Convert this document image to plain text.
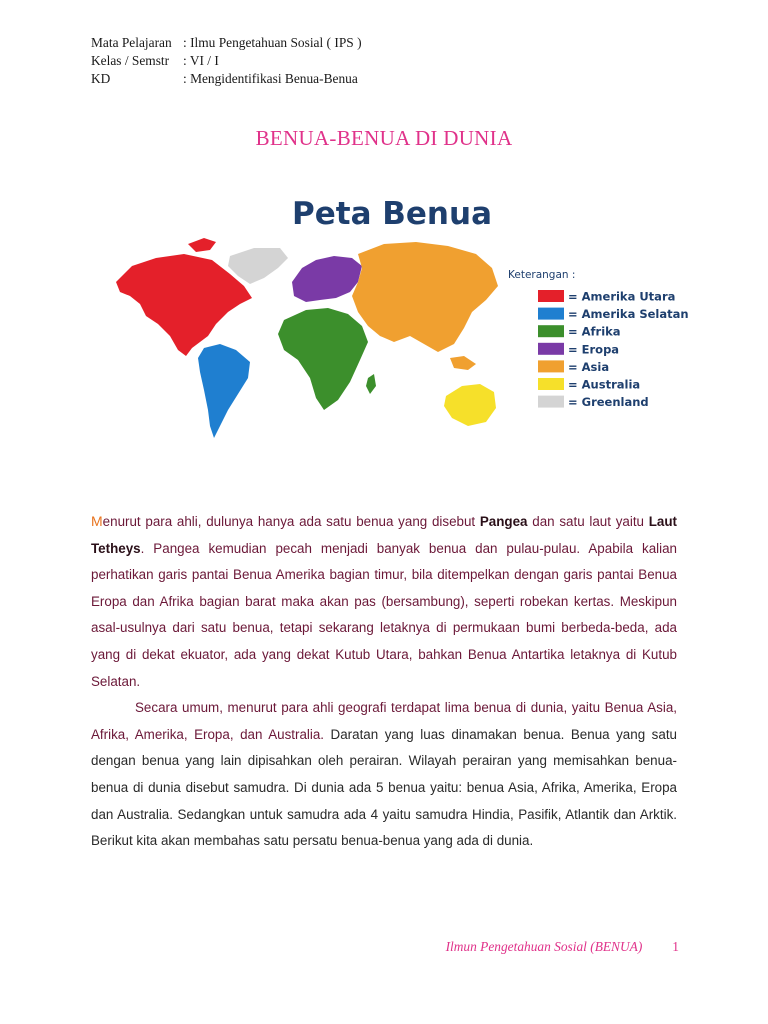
Mata Pelajaran : Ilmu Pengetahuan Sosial ( IPS )
Kelas / Semstr	: VI / I
KD	: Mengidentifikasi Benua-Benua
BENUA-BENUA DI DUNIA
Peta Benua
Keterangan :
= Amerika Utara
= Amerika Selatan
= Afrika
= Eropa
= Asia
= Australia
= Greenland

Menurut para ahli, dulunya hanya ada satu benua yang disebut Pangea dan satu laut yaitu Laut Tetheys. Pangea kemudian pecah menjadi banyak benua dan pulau-pulau. Apabila kalian perhatikan garis pantai Benua Amerika bagian timur, bila ditempelkan dengan garis pantai Benua Eropa dan Afrika bagian barat maka akan pas (bersambung), seperti robekan kertas. Meskipun asal-usulnya dari satu benua, tetapi sekarang letaknya di permukaan bumi berbeda-beda, ada yang di dekat ekuator, ada yang dekat Kutub Utara, bahkan Benua Antartika letaknya di Kutub Selatan.

Secara umum, menurut para ahli geografi terdapat lima benua di dunia, yaitu Benua Asia, Afrika, Amerika, Eropa, dan Australia. Daratan yang luas dinamakan benua. Benua yang satu dengan benua yang lain dipisahkan oleh perairan. Wilayah perairan yang memisahkan benua-benua di dunia disebut samudra. Di dunia ada 5 benua yaitu: benua Asia, Afrika, Amerika, Eropa dan Australia. Sedangkan untuk samudra ada 4 yaitu samudra Hindia, Pasifik, Atlantik dan Arktik. Berikut kita akan membahas satu persatu benua-benua yang ada di dunia.

Ilmun Pengetahuan Sosial (BENUA) 1
